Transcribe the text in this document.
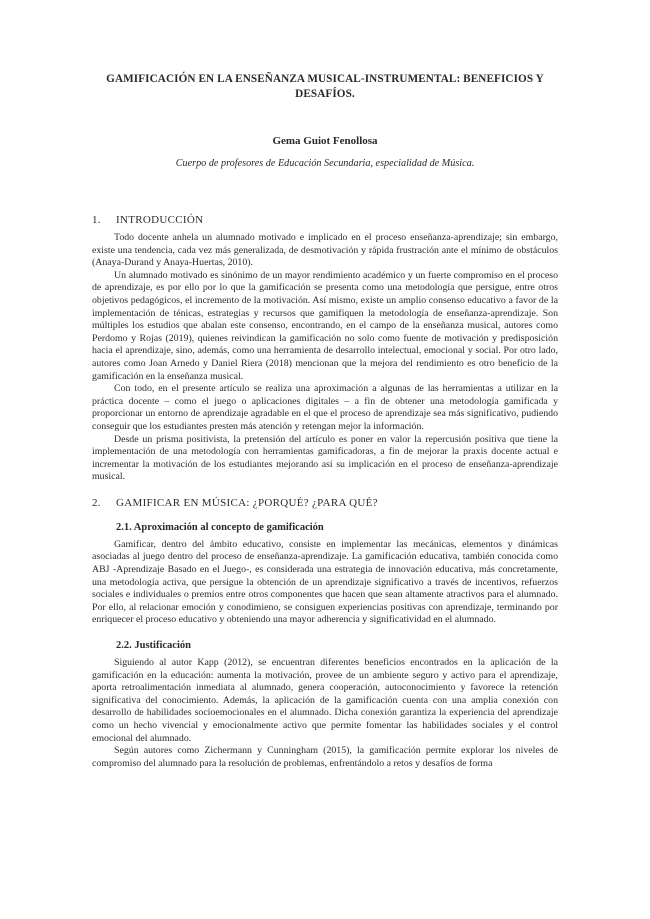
GAMIFICACIÓN EN LA ENSEÑANZA MUSICAL-INSTRUMENTAL: BENEFICIOS Y DESAFÍOS.
Gema Guiot Fenollosa
Cuerpo de profesores de Educación Secundaria, especialidad de Música.
1.	INTRODUCCIÓN

Todo docente anhela un alumnado motivado e implicado en el proceso enseñanza-aprendizaje; sin embargo, existe una tendencia, cada vez más generalizada, de desmotivación y rápida frustración ante el mínimo de obstáculos (Anaya-Durand y Anaya-Huertas, 2010).

Un alumnado motivado es sinónimo de un mayor rendimiento académico y un fuerte compromiso en el proceso de aprendizaje, es por ello por lo que la gamificación se presenta como una metodología que persigue, entre otros objetivos pedagógicos, el incremento de la motivación. Así mismo, existe un amplio consenso educativo a favor de la implementación de ténicas, estrategias y recursos que gamifiquen la metodología de enseñanza-aprendizaje. Son múltiples los estudios que abalan este consenso, encontrando, en el campo de la enseñanza musical, autores como Perdomo y Rojas (2019), quienes reivindican la gamificación no solo como fuente de motivación y predisposición hacia el aprendizaje, sino, además, como una herramienta de desarrollo intelectual, emocional y social. Por otro lado, autores como Joan Arnedo y Daniel Riera (2018) mencionan que la mejora del rendimiento es otro beneficio de la gamificación en la enseñanza musical.

Con todo, en el presente artículo se realiza una aproximación a algunas de las herramientas a utilizar en la práctica docente – como el juego o aplicaciones digitales – a fin de obtener una metodología gamificada y proporcionar un entorno de aprendizaje agradable en el que el proceso de aprendizaje sea más significativo, pudiendo conseguir que los estudiantes presten más atención y retengan mejor la información.

Desde un prisma positivista, la pretensión del artículo es poner en valor la repercusión positiva que tiene la implementación de una metodología con herramientas gamificadoras, a fin de mejorar la praxis docente actual e incrementar la motivación de los estudiantes mejorando así su implicación en el proceso de enseñanza-aprendizaje musical.

2.	GAMIFICAR EN MÚSICA: ¿PORQUÉ? ¿PARA QUÉ?
2.1. Aproximación al concepto de gamificación

Gamificar, dentro del ámbito educativo, consiste en implementar las mecánicas, elementos y dinámicas asociadas al juego dentro del proceso de enseñanza-aprendizaje. La gamificación educativa, también conocida como ABJ -Aprendizaje Basado en el Juego-, es considerada una estrategia de innovación educativa, más concretamente, una metodología activa, que persigue la obtención de un aprendizaje significativo a través de incentivos, refuerzos sociales e individuales o premios entre otros componentes que hacen que sean altamente atractivos para el alumnado. Por ello, al relacionar emoción y conodimieno, se consiguen experiencias positivas con aprendizaje, terminando por enriquecer el proceso educativo y obteniendo una mayor adherencia y significatividad en el alumnado.

2.2. Justificación

Siguiendo al autor Kapp (2012), se encuentran diferentes beneficios encontrados en la aplicación de la gamificación en la educación: aumenta la motivación, provee de un ambiente seguro y activo para el aprendizaje, aporta retroalimentación inmediata al alumnado, genera cooperación, autoconocimiento y favorece la retención significativa del conocimiento. Además, la aplicación de la gamificación cuenta con una amplia conexión con desarrollo de habilidades socioemocionales en el alumnado. Dicha conexión garantiza la experiencia del aprendizaje como un hecho vivencial y emocionalmente activo que permite fomentar las habilidades sociales y el control emocional del alumnado.

Según autores como Zichermann y Cunningham (2015), la gamificación permite explorar los niveles de compromiso del alumnado para la resolución de problemas, enfrentándolo a retos y desafíos de forma
